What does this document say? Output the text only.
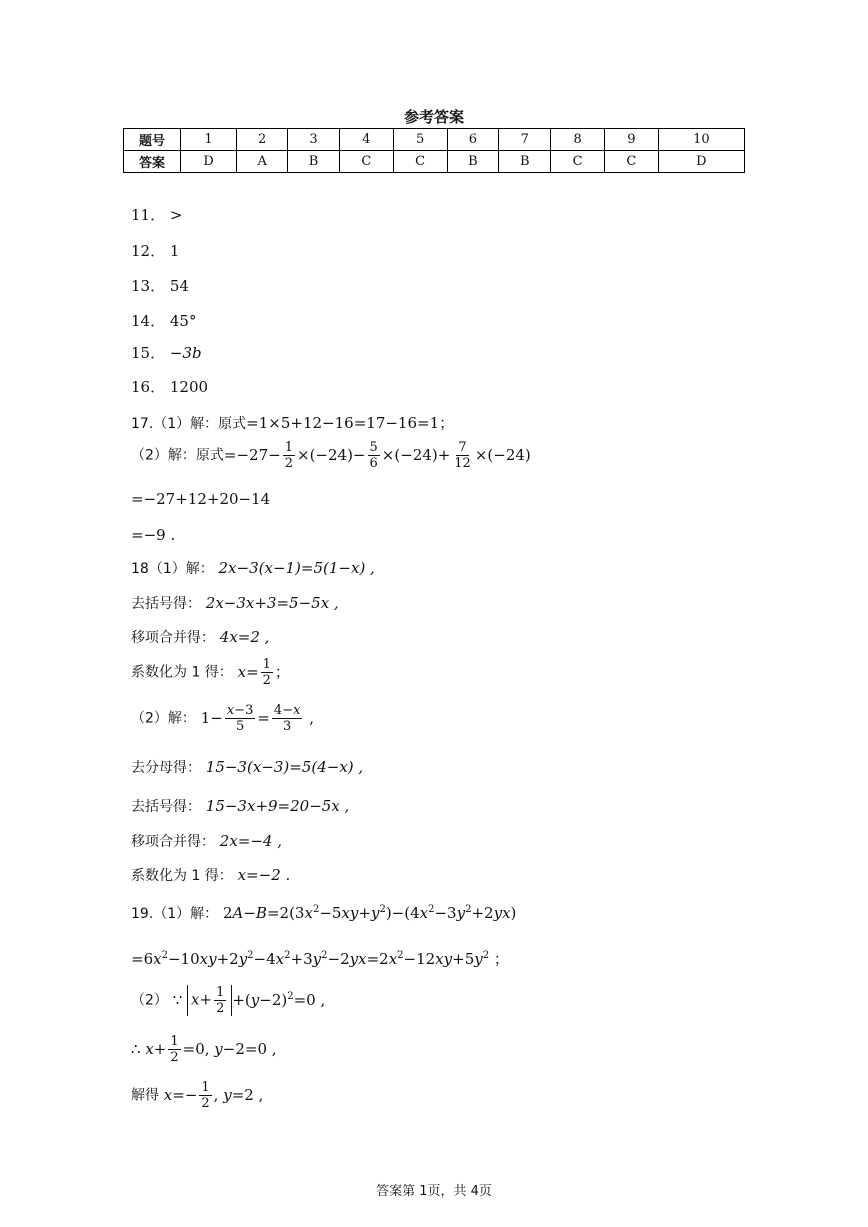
参考答案
题号	1	2	3	4	5	6	7	8	9	10
答案	D	A	B	C	C	B	B	C	C	D
11． >
12． 1
13． 54
14． 45°
15． −3b
16． 1200
17.（1）解：原式=1×5+12−16=17−16=1；
（2）解：原式$=-27- \frac{1}{2} \times(-24)- \frac{5}{6} \times(-24)+ \frac{7}{12} \times(-24)$
=−27+12+20−14
=−9 .
18（1）解： 2x−3(x−1)=5(1−x) ,
去括号得： 2x−3x+3=5−5x ,
移项合并得： 4x=2 ,
系数化为 1 得： $x= \frac{1}{2}$ ；
（2）解： $1- \frac{x-3}{5} = \frac{4-x}{3}$ ,
去分母得： 15−3(x−3)=5(4−x) ,
去括号得： 15−3x+9=20−5x ,
移项合并得： 2x=−4 ,
系数化为 1 得： x=−2 .
19.（1）解： $2A-B=2(3x^2-5xy+y^2)-(4x^2-3y^2+2yx)$
$=6x^2-10xy+2y^2-4x^2+3y^2-2yx=2x^2-12xy+5y^2$ ；
（2） ∵ $x+ \frac{1}{2} +(y-2)^2=0$ ,
∴ $x+ \frac{1}{2} =0$, y−2=0 ,
解得 $x=- \frac{1}{2}$ , y=2 ,
答案第 1页，共 4页
